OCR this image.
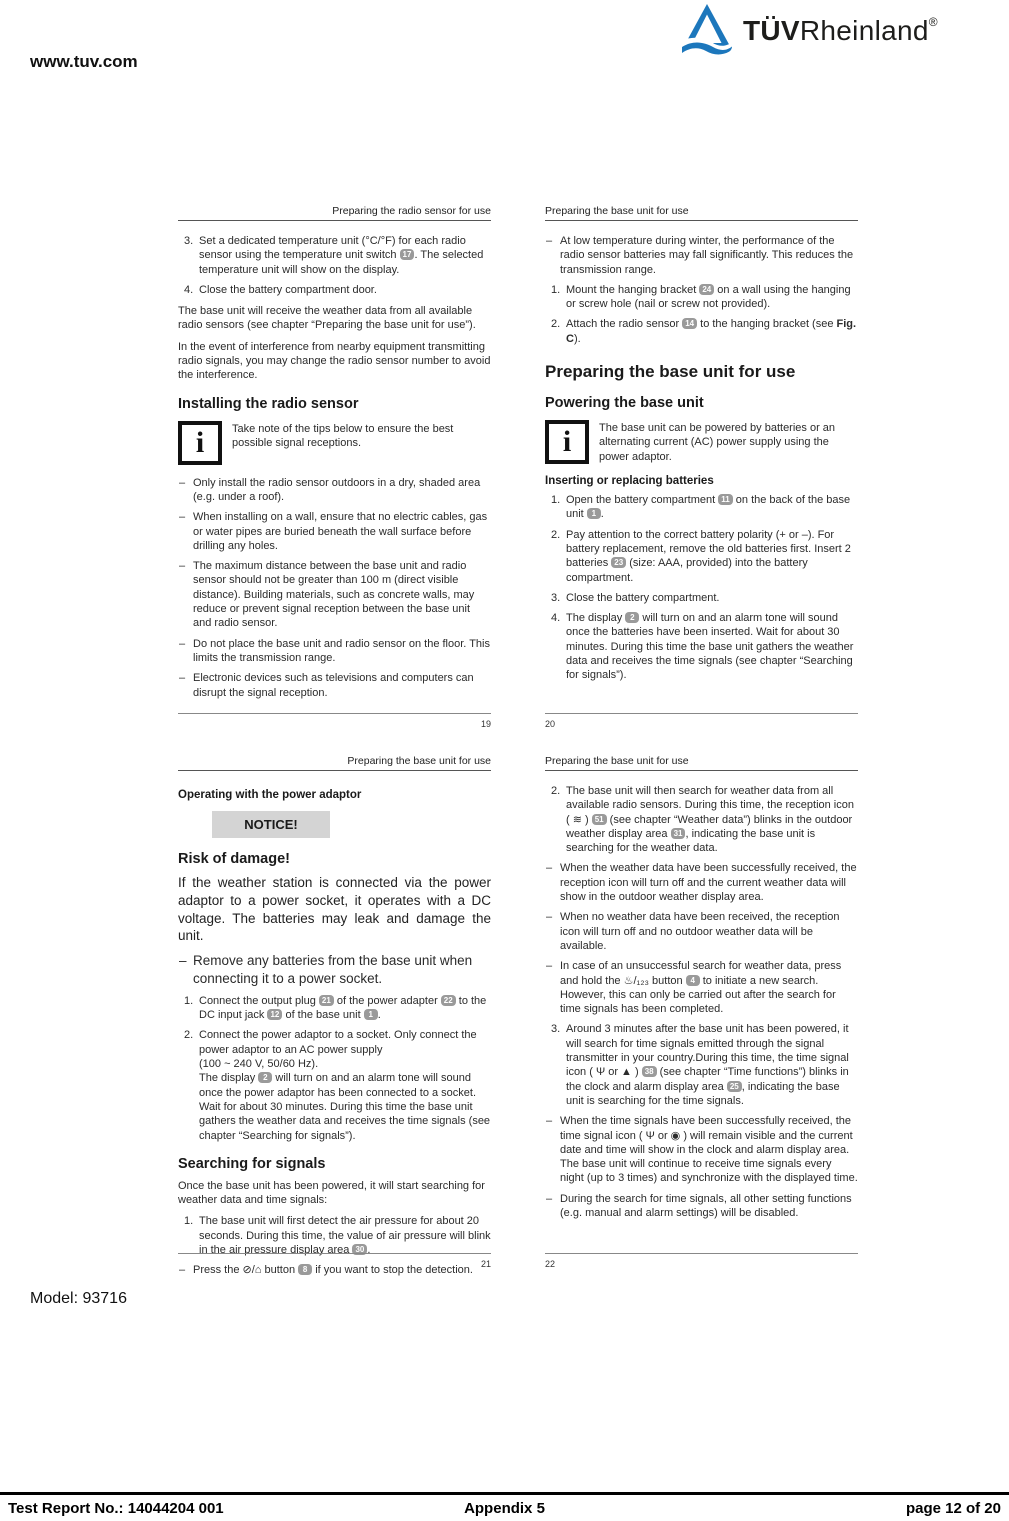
www.tuv.com
TÜVRheinland®
Preparing the radio sensor for use
3. Set a dedicated temperature unit (°C/°F) for each radio sensor using the temperature unit switch 17 . The selected temperature unit will show on the display.
4. Close the battery compartment door.
The base unit will receive the weather data from all available radio sensors (see chapter “Preparing the base unit for use”).
In the event of interference from nearby equipment transmitting radio signals, you may change the radio sensor number to avoid the interference.
Installing the radio sensor
i	Take note of the tips below to ensure the best possible signal receptions.
– Only install the radio sensor outdoors in a dry, shaded area (e.g. under a roof).
– When installing on a wall, ensure that no electric cables, gas or water pipes are buried beneath the wall surface before drilling any holes.
– The maximum distance between the base unit and radio sensor should not be greater than 100 m (direct visible distance). Building materials, such as concrete walls, may reduce or prevent signal reception between the base unit and radio sensor.
– Do not place the base unit and radio sensor on the floor. This limits the transmission range.
– Electronic devices such as televisions and computers can disrupt the signal reception.
19
Preparing the base unit for use
– At low temperature during winter, the performance of the radio sensor batteries may fall significantly. This reduces the transmission range.
1. Mount the hanging bracket 24 on a wall using the hanging or screw hole (nail or screw not provided).
2. Attach the radio sensor 14 to the hanging bracket (see Fig. C).
Preparing the base unit for use
Powering the base unit
i	The base unit can be powered by batteries or an alternating current (AC) power supply using the power adaptor.
Inserting or replacing batteries
1. Open the battery compartment 11 on the back of the base unit 1 .
2. Pay attention to the correct battery polarity (+ or –). For battery replacement, remove the old batteries first. Insert 2 batteries 23 (size: AAA, provided) into the battery compartment.
3. Close the battery compartment.
4. The display 2 will turn on and an alarm tone will sound once the batteries have been inserted. Wait for about 30 minutes. During this time the base unit gathers the weather data and receives the time signals (see chapter “Searching for signals”).
20
Preparing the base unit for use
Operating with the power adaptor
NOTICE!
Risk of damage!
If the weather station is connected via the power adaptor to a power socket, it operates with a DC voltage. The batteries may leak and damage the unit.
– Remove any batteries from the base unit when connecting it to a power socket.
1. Connect the output plug 21 of the power adapter 22 to the DC input jack 12 of the base unit 1 .
2. Connect the power adaptor to a socket. Only connect the power adaptor to an AC power supply
(100 ~ 240 V, 50/60 Hz).
The display 2 will turn on and an alarm tone will sound once the power adaptor has been connected to a socket. Wait for about 30 minutes. During this time the base unit gathers the weather data and receives the time signals (see chapter “Searching for signals”).
Searching for signals
Once the base unit has been powered, it will start searching for weather data and time signals:
1. The base unit will first detect the air pressure for about 20 seconds. During this time, the value of air pressure will blink in the air pressure display area 30 .
– Press the ⊘/⌂ button 8 if you want to stop the detection.
21
Preparing the base unit for use
2. The base unit will then search for weather data from all available radio sensors. During this time, the reception icon ( ≋ ) 51 (see chapter “Weather data”) blinks in the outdoor weather display area 31 , indicating the base unit is searching for the weather data.
– When the weather data have been successfully received, the reception icon will turn off and the current weather data will show in the outdoor weather display area.
– When no weather data have been received, the reception icon will turn off and no outdoor weather data will be available.
– In case of an unsuccessful search for weather data, press and hold the ♨/₁₂₃ button 4 to initiate a new search. However, this can only be carried out after the search for time signals has been completed.
3. Around 3 minutes after the base unit has been powered, it will search for time signals emitted through the signal transmitter in your country.During this time, the time signal icon ( Ψ or ▲ ) 38 (see chapter “Time functions”) blinks in the clock and alarm display area 25 , indicating the base unit is searching for the time signals.
– When the time signals have been successfully received, the time signal icon ( Ψ or ◉ ) will remain visible and the current date and time will show in the clock and alarm display area. The base unit will continue to receive time signals every night (up to 3 times) and synchronize with the displayed time.
– During the search for time signals, all other setting functions (e.g. manual and alarm settings) will be disabled.
22
Model: 93716
Test Report No.: 14044204 001	Appendix 5	page 12 of 20
